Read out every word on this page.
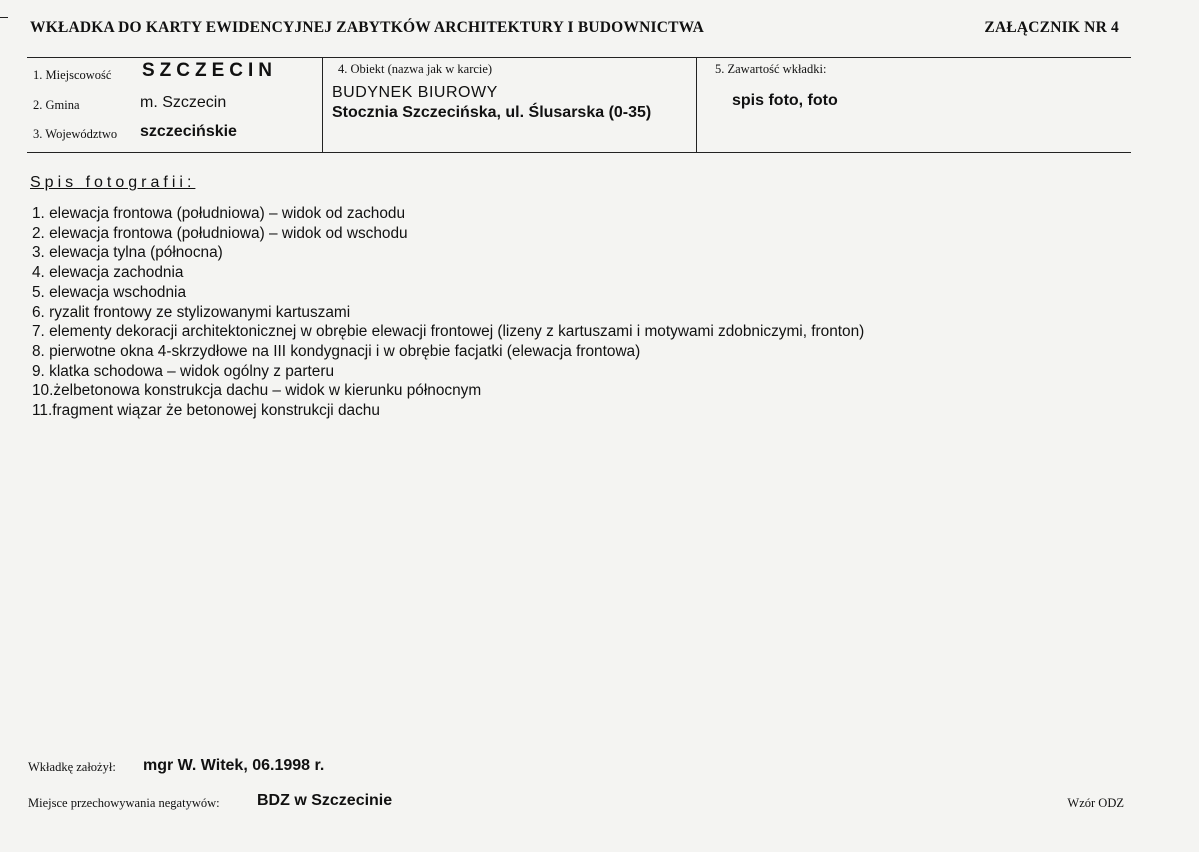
WKŁADKA DO KARTY EWIDENCYJNEJ ZABYTKÓW ARCHITEKTURY I BUDOWNICTWA	ZAŁĄCZNIK NR 4
1. Miejscowość SZCZECIN
2. Gmina	m. Szczecin
3. Województwo szczecińskie
4. Obiekt (nazwa jak w karcie)
BUDYNEK BIUROWY
Stocznia Szczecińska, ul. Ślusarska (0-35)
5. Zawartość wkładki:
spis foto, foto
Spis fotografii:
1. elewacja frontowa (południowa) – widok od zachodu
2. elewacja frontowa (południowa) – widok od wschodu
3. elewacja tylna (północna)
4. elewacja zachodnia
5. elewacja wschodnia
6. ryzalit frontowy ze stylizowanymi kartuszami
7. elementy dekoracji architektonicznej w obrębie elewacji frontowej (lizeny z kartuszami i motywami zdobniczymi, fronton)
8. pierwotne okna 4-skrzydłowe na III kondygnacji i w obrębie facjatki (elewacja frontowa)
9. klatka schodowa – widok ogólny z parteru
10.żelbetonowa konstrukcja dachu – widok w kierunku północnym
11.fragment wiązar że betonowej konstrukcji dachu
Wkładkę założył: mgr W. Witek, 06.1998 r.
Miejsce przechowywania negatywów: BDZ w Szczecinie	Wzór ODZ
